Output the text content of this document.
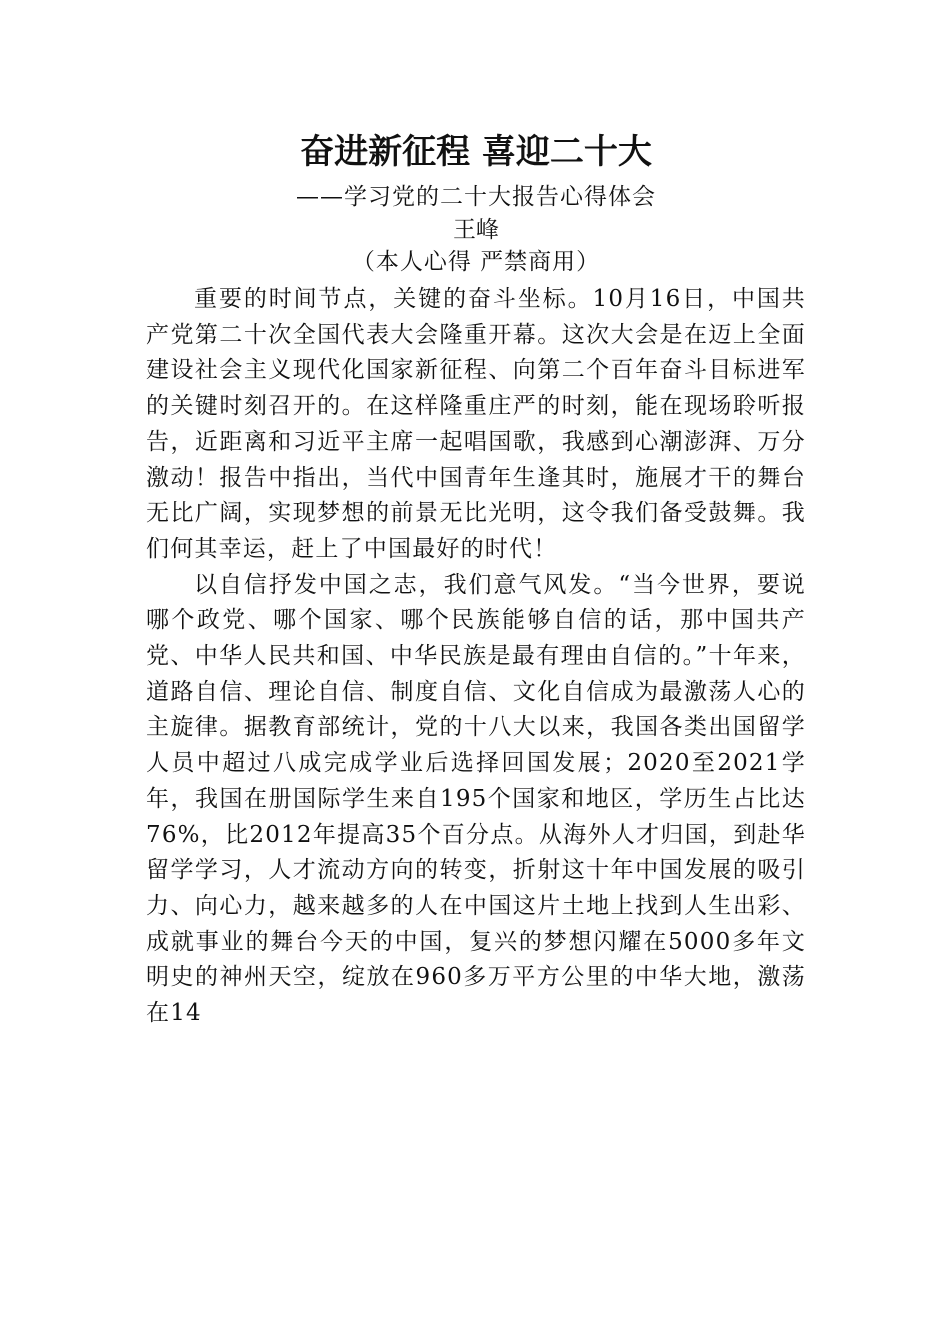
奋进新征程 喜迎二十大

——学习党的二十大报告心得体会

王峰

（本人心得 严禁商用）

重要的时间节点，关键的奋斗坐标。10月16日，中国共产党第二十次全国代表大会隆重开幕。这次大会是在迈上全面建设社会主义现代化国家新征程、向第二个百年奋斗目标进军的关键时刻召开的。在这样隆重庄严的时刻，能在现场聆听报告，近距离和习近平主席一起唱国歌，我感到心潮澎湃、万分激动！报告中指出，当代中国青年生逢其时，施展才干的舞台无比广阔，实现梦想的前景无比光明，这令我们备受鼓舞。我们何其幸运，赶上了中国最好的时代！

以自信抒发中国之志，我们意气风发。“当今世界，要说哪个政党、哪个国家、哪个民族能够自信的话，那中国共产党、中华人民共和国、中华民族是最有理由自信的。”十年来，道路自信、理论自信、制度自信、文化自信成为最激荡人心的主旋律。据教育部统计，党的十八大以来，我国各类出国留学人员中超过八成完成学业后选择回国发展；2020至2021学年，我国在册国际学生来自195个国家和地区，学历生占比达76%，比2012年提高35个百分点。从海外人才归国，到赴华留学学习，人才流动方向的转变，折射这十年中国发展的吸引力、向心力，越来越多的人在中国这片土地上找到人生出彩、成就事业的舞台今天的中国，复兴的梦想闪耀在5000多年文明史的神州天空，绽放在960多万平方公里的中华大地，激荡在14
